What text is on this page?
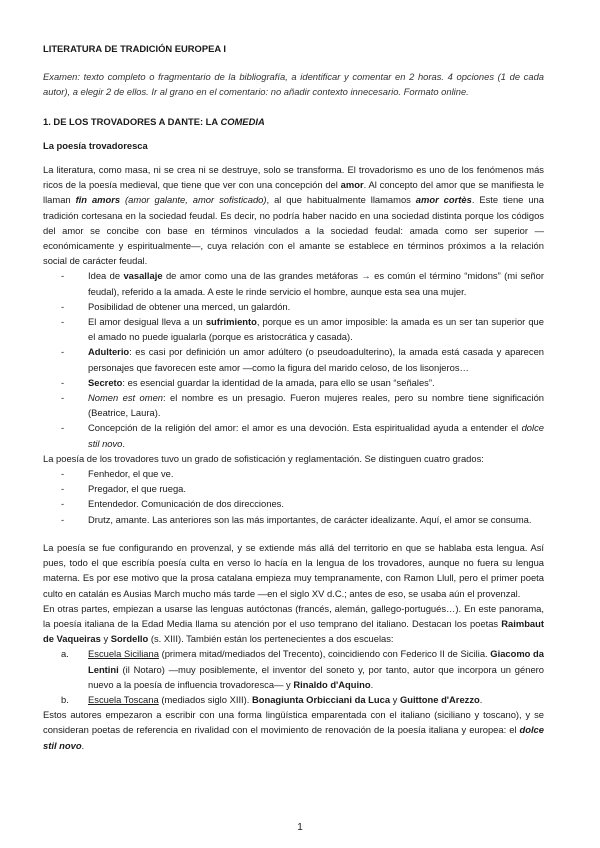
LITERATURA DE TRADICIÓN EUROPEA I

Examen: texto completo o fragmentario de la bibliografía, a identificar y comentar en 2 horas. 4 opciones (1 de cada autor), a elegir 2 de ellos. Ir al grano en el comentario: no añadir contexto innecesario. Formato online.

1. DE LOS TROVADORES A DANTE: LA COMEDIA
La poesía trovadoresca

La literatura, como masa, ni se crea ni se destruye, solo se transforma. El trovadorismo es uno de los fenómenos más ricos de la poesía medieval, que tiene que ver con una concepción del amor. Al concepto del amor que se manifiesta le llaman fin amors (amor galante, amor sofisticado), al que habitualmente llamamos amor cortès. Este tiene una tradición cortesana en la sociedad feudal. Es decir, no podría haber nacido en una sociedad distinta porque los códigos del amor se concibe con base en términos vinculados a la sociedad feudal: amada como ser superior —económicamente y espiritualmente—, cuya relación con el amante se establece en términos próximos a la relación social de carácter feudal.

- Idea de vasallaje de amor como una de las grandes metáforas → es común el término “midons” (mi señor feudal), referido a la amada. A este le rinde servicio el hombre, aunque esta sea una mujer.
- Posibilidad de obtener una merced, un galardón.
- El amor desigual lleva a un sufrimiento, porque es un amor imposible: la amada es un ser tan superior que el amado no puede igualarla (porque es aristocrática y casada).
- Adulterio: es casi por definición un amor adúltero (o pseudoadulterino), la amada está casada y aparecen personajes que favorecen este amor —como la figura del marido celoso, de los lisonjeros…
- Secreto: es esencial guardar la identidad de la amada, para ello se usan “señales”.
- Nomen est omen: el nombre es un presagio. Fueron mujeres reales, pero su nombre tiene significación (Beatrice, Laura).
- Concepción de la religión del amor: el amor es una devoción. Esta espiritualidad ayuda a entender el dolce stil novo.

La poesía de los trovadores tuvo un grado de sofisticación y reglamentación. Se distinguen cuatro grados:

- Fenhedor, el que ve.
- Pregador, el que ruega.
- Entendedor. Comunicación de dos direcciones.
- Drutz, amante. Las anteriores son las más importantes, de carácter idealizante. Aquí, el amor se consuma.

La poesía se fue configurando en provenzal, y se extiende más allá del territorio en que se hablaba esta lengua. Así pues, todo el que escribía poesía culta en verso lo hacía en la lengua de los trovadores, aunque no fuera su lengua materna. Es por ese motivo que la prosa catalana empieza muy tempranamente, con Ramon Llull, pero el primer poeta culto en catalán es Ausias March mucho más tarde —en el siglo XV d.C.; antes de eso, se usaba aún el provenzal.

En otras partes, empiezan a usarse las lenguas autóctonas (francés, alemán, gallego-portugués…). En este panorama, la poesía italiana de la Edad Media llama su atención por el uso temprano del italiano. Destacan los poetas Raimbaut de Vaqueiras y Sordello (s. XIII). También están los pertenecientes a dos escuelas:

a. Escuela Siciliana (primera mitad/mediados del Trecento), coincidiendo con Federico II de Sicilia. Giacomo da Lentini (il Notaro) —muy posiblemente, el inventor del soneto y, por tanto, autor que incorpora un género nuevo a la poesía de influencia trovadoresca— y Rinaldo d'Aquino.
b. Escuela Toscana (mediados siglo XIII). Bonagiunta Orbicciani da Luca y Guittone d'Arezzo.

Estos autores empezaron a escribir con una forma lingüística emparentada con el italiano (siciliano y toscano), y se consideran poetas de referencia en rivalidad con el movimiento de renovación de la poesía italiana y europea: el dolce stil novo.

1
